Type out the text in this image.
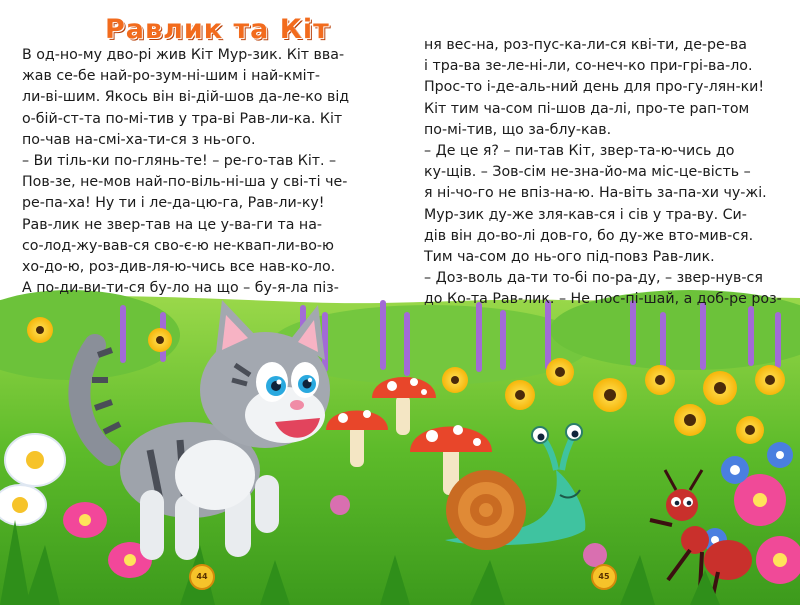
Равлик та Кіт
В од-но-му дво-рі жив Кіт Мур-зик. Кіт вва-
жав се-бе най-ро-зум-ні-шим і най-кміт-
ли-ві-шим. Якось він ві-дій-шов да-ле-ко від
о-бій-ст-та по-мі-тив у тра-ві Рав-ли-ка. Кіт
по-чав на-смі-ха-ти-ся з нь-ого.
– Ви тіль-ки по-глянь-те! – ре-го-тав Кіт. –
Пов-зе, не-мов най-по-віль-ні-ша у сві-ті че-
ре-па-ха! Ну ти і ле-да-цю-га, Рав-ли-ку!
Рав-лик не звер-тав на це у-ва-ги та на-
со-лод-жу-вав-ся сво-є-ю не-квап-ли-во-ю
хо-до-ю, роз-див-ля-ю-чись все нав-ко-ло.
А по-ди-ви-ти-ся бу-ло на що – бу-я-ла піз-
ня вес-на, роз-пус-ка-ли-ся кві-ти, де-ре-ва
і тра-ва зе-ле-ні-ли, со-неч-ко при-грі-ва-ло.
Прос-то і-де-аль-ний день для про-гу-лян-ки!
Кіт тим ча-сом пі-шов да-лі, про-те рап-том
по-мі-тив, що за-блу-кав.
– Де це я? – пи-тав Кіт, звер-та-ю-чись до
ку-щів. – Зов-сім не-зна-йо-ма міс-це-вість –
я ні-чо-го не впіз-на-ю. На-віть за-па-хи чу-жі.
Мур-зик ду-же зля-кав-ся і сів у тра-ву. Си-
дів він до-во-лі дов-го, бо ду-же вто-мив-ся.
Тим ча-сом до нь-ого під-повз Рав-лик.
– Доз-воль да-ти то-бі по-ра-ду, – звер-нув-ся
до Ко-та Рав-лик. – Не пос-пі-шай, а доб-ре роз-
44	45
